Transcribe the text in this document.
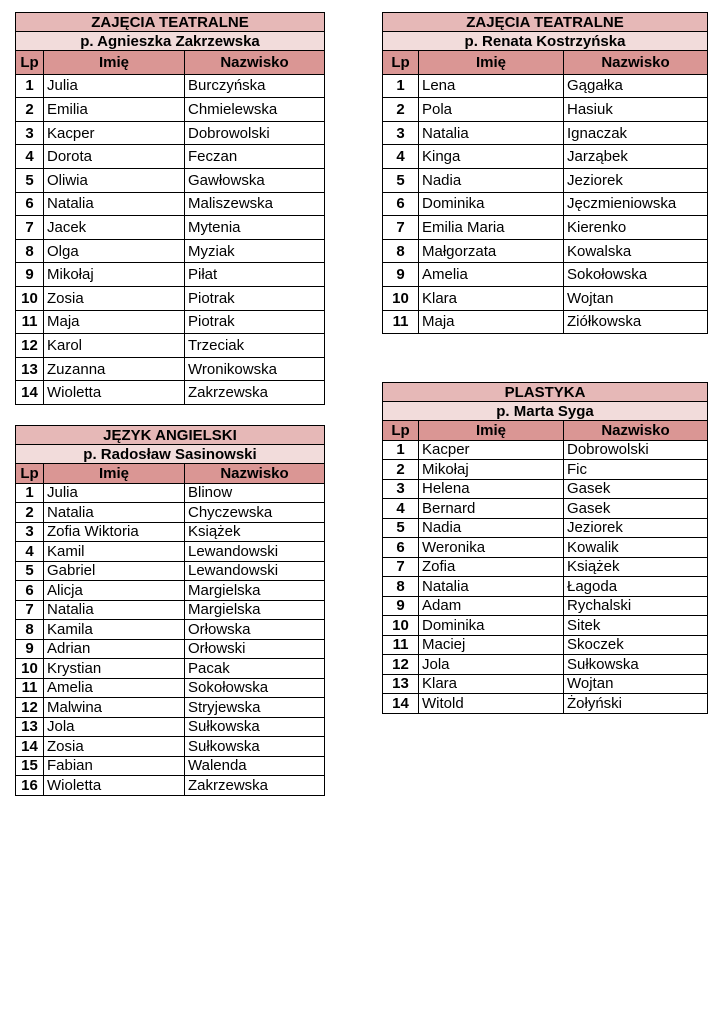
ZAJĘCIA TEATRALNE		
p. Agnieszka Zakrzewska		
Lp	Imię	Nazwisko
1	Julia	Burczyńska
2	Emilia	Chmielewska
3	Kacper	Dobrowolski
4	Dorota	Feczan
5	Oliwia	Gawłowska
6	Natalia	Maliszewska
7	Jacek	Mytenia
8	Olga	Myziak
9	Mikołaj	Piłat
10	Zosia	Piotrak
11	Maja	Piotrak
12	Karol	Trzeciak
13	Zuzanna	Wronikowska
14	Wioletta	Zakrzewska
ZAJĘCIA TEATRALNE		
p. Renata Kostrzyńska		
Lp	Imię	Nazwisko
1	Lena	Gągałka
2	Pola	Hasiuk
3	Natalia	Ignaczak
4	Kinga	Jarząbek
5	Nadia	Jeziorek
6	Dominika	Jęczmieniowska
7	Emilia Maria	Kierenko
8	Małgorzata	Kowalska
9	Amelia	Sokołowska
10	Klara	Wojtan
11	Maja	Ziółkowska
JĘZYK ANGIELSKI		
p. Radosław Sasinowski		
Lp	Imię	Nazwisko
1	Julia	Blinow
2	Natalia	Chyczewska
3	Zofia Wiktoria	Książek
4	Kamil	Lewandowski
5	Gabriel	Lewandowski
6	Alicja	Margielska
7	Natalia	Margielska
8	Kamila	Orłowska
9	Adrian	Orłowski
10	Krystian	Pacak
11	Amelia	Sokołowska
12	Malwina	Stryjewska
13	Jola	Sułkowska
14	Zosia	Sułkowska
15	Fabian	Walenda
16	Wioletta	Zakrzewska
PLASTYKA		
p. Marta Syga		
Lp	Imię	Nazwisko
1	Kacper	Dobrowolski
2	Mikołaj	Fic
3	Helena	Gasek
4	Bernard	Gasek
5	Nadia	Jeziorek
6	Weronika	Kowalik
7	Zofia	Książek
8	Natalia	Łagoda
9	Adam	Rychalski
10	Dominika	Sitek
11	Maciej	Skoczek
12	Jola	Sułkowska
13	Klara	Wojtan
14	Witold	Żołyński
